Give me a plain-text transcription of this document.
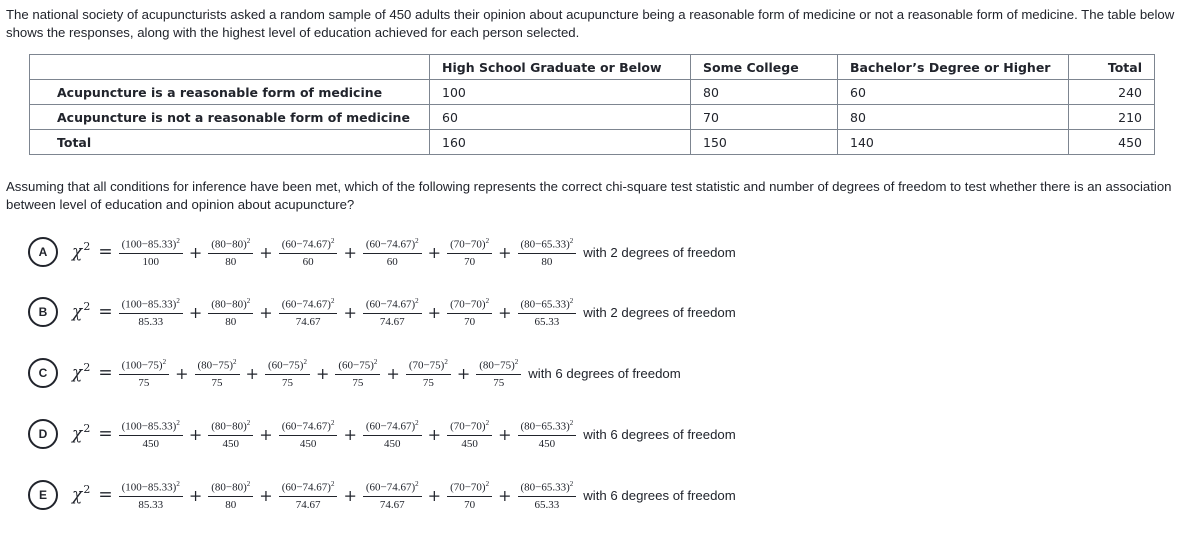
The national society of acupuncturists asked a random sample of 450 adults their opinion about acupuncture being a reasonable form of medicine or not a reasonable form of medicine. The table below shows the responses, along with the highest level of education achieved for each person selected.

	High School Graduate or Below	Some College	Bachelor’s Degree or Higher	Total
Acupuncture is a reasonable form of medicine	100	80	60	240
Acupuncture is not a reasonable form of medicine	60	70	80	210
Total	160	150	140	450

Assuming that all conditions for inference have been met, which of the following represents the correct chi-square test statistic and number of degrees of freedom to test whether there is an association between level of education and opinion about acupuncture?

A	$\chi^2 = \frac{(100-85.33)^2}{100} + \frac{(80-80)^2}{80} + \frac{(60-74.67)^2}{60} + \frac{(60-74.67)^2}{60} + \frac{(70-70)^2}{70} + \frac{(80-65.33)^2}{80}$ with 2 degrees of freedom
B	$\chi^2 = \frac{(100-85.33)^2}{85.33} + \frac{(80-80)^2}{80} + \frac{(60-74.67)^2}{74.67} + \frac{(60-74.67)^2}{74.67} + \frac{(70-70)^2}{70} + \frac{(80-65.33)^2}{65.33}$ with 2 degrees of freedom
C	$\chi^2 = \frac{(100-75)^2}{75} + \frac{(80-75)^2}{75} + \frac{(60-75)^2}{75} + \frac{(60-75)^2}{75} + \frac{(70-75)^2}{75} + \frac{(80-75)^2}{75}$ with 6 degrees of freedom
D	$\chi^2 = \frac{(100-85.33)^2}{450} + \frac{(80-80)^2}{450} + \frac{(60-74.67)^2}{450} + \frac{(60-74.67)^2}{450} + \frac{(70-70)^2}{450} + \frac{(80-65.33)^2}{450}$ with 6 degrees of freedom
E	$\chi^2 = \frac{(100-85.33)^2}{85.33} + \frac{(80-80)^2}{80} + \frac{(60-74.67)^2}{74.67} + \frac{(60-74.67)^2}{74.67} + \frac{(70-70)^2}{70} + \frac{(80-65.33)^2}{65.33}$ with 6 degrees of freedom
